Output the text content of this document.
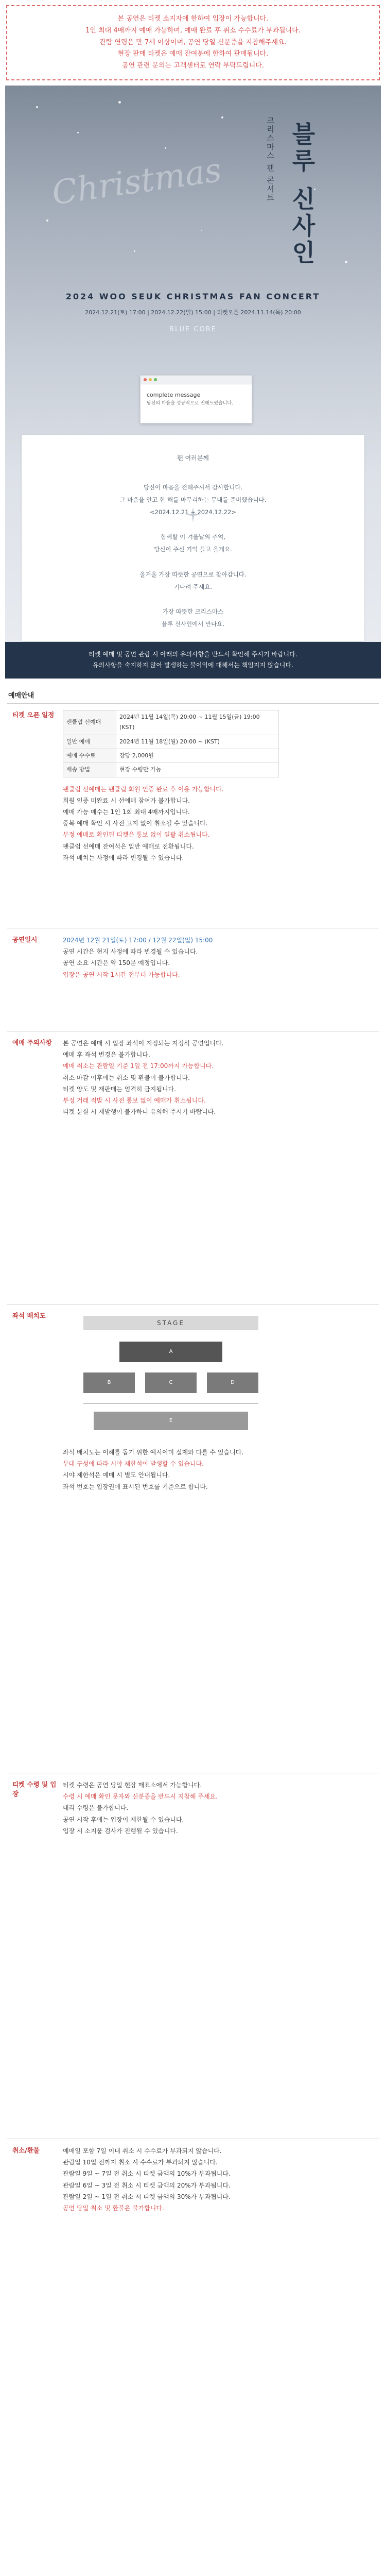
본 공연은 티켓 소지자에 한하여 입장이 가능합니다.
1인 최대 4매까지 예매 가능하며, 예매 완료 후 취소 수수료가 부과됩니다.
관람 연령은 만 7세 이상이며, 공연 당일 신분증을 지참해주세요.
현장 판매 티켓은 예매 잔여분에 한하여 판매됩니다.
공연 관련 문의는 고객센터로 연락 부탁드립니다.
Christmas	크리스마스 팬 콘서트 블루 신사인
2024 WOO SEUK CHRISTMAS FAN CONCERT
2024.12.21(토) 17:00 | 2024.12.22(일) 15:00 | 티켓오픈 2024.11.14(목) 20:00
BLUE CORE
complete message
당신의 마음을 성공적으로 전해드렸습니다.
팬 여러분께
당신이 마음을 전해주셔서 감사합니다.
그 마음을 안고 한 해를 마무리하는 무대를 준비했습니다.
<2024.12.21 ~ 2024.12.22>

함께할 이 겨울날의 추억,
당신이 주신 기억 들고 올게요.

올겨울 가장 따뜻한 공연으로 찾아갑니다.
기다려 주세요.

가장 따뜻한 크리스마스
블루 신사인에서 만나요.
티켓 예매 및 공연 관람 시 아래의 유의사항을 반드시 확인해 주시기 바랍니다.
유의사항을 숙지하지 않아 발생하는 불이익에 대해서는 책임지지 않습니다.
예매안내
티켓 오픈 일정
팬클럽 선예매	2024년 11월 14일(목) 20:00 ~ 11월 15일(금) 19:00 (KST)
일반 예매	2024년 11월 18일(월) 20:00 ~ (KST)
예매 수수료	장당 2,000원
배송 방법	현장 수령만 가능
팬클럽 선예매는 팬클럽 회원 인증 완료 후 이용 가능합니다.
회원 인증 미완료 시 선예매 참여가 불가합니다.
예매 가능 매수는 1인 1회 최대 4매까지입니다.
중복 예매 확인 시 사전 고지 없이 취소될 수 있습니다.
부정 예매로 확인된 티켓은 통보 없이 일괄 취소됩니다.
팬클럽 선예매 잔여석은 일반 예매로 전환됩니다.
좌석 배치는 사정에 따라 변경될 수 있습니다.
공연일시	2024년 12월 21일(토) 17:00 / 12월 22일(일) 15:00
공연 시간은 현지 사정에 따라 변경될 수 있습니다.
공연 소요 시간은 약 150분 예정입니다.
입장은 공연 시작 1시간 전부터 가능합니다.
예매 주의사항	본 공연은 예매 시 입장 좌석이 지정되는 지정석 공연입니다.
예매 후 좌석 변경은 불가합니다.
예매 취소는 관람일 기준 1일 전 17:00까지 가능합니다.
취소 마감 이후에는 취소 및 환불이 불가합니다.
티켓 양도 및 재판매는 엄격히 금지됩니다.
부정 거래 적발 시 사전 통보 없이 예매가 취소됩니다.
티켓 분실 시 재발행이 불가하니 유의해 주시기 바랍니다.
좌석 배치도
STAGE
A
B	C	D
E
좌석 배치도는 이해를 돕기 위한 예시이며 실제와 다를 수 있습니다.
무대 구성에 따라 시야 제한석이 발생할 수 있습니다.
시야 제한석은 예매 시 별도 안내됩니다.
좌석 번호는 입장권에 표시된 번호를 기준으로 합니다.
티켓 수령 및 입장
티켓 수령은 공연 당일 현장 매표소에서 가능합니다.
수령 시 예매 확인 문자와 신분증을 반드시 지참해 주세요.
대리 수령은 불가합니다.
공연 시작 후에는 입장이 제한될 수 있습니다.
입장 시 소지품 검사가 진행될 수 있습니다.
취소/환불	예매일 포함 7일 이내 취소 시 수수료가 부과되지 않습니다.
관람일 10일 전까지 취소 시 수수료가 부과되지 않습니다.
관람일 9일 ~ 7일 전 취소 시 티켓 금액의 10%가 부과됩니다.
관람일 6일 ~ 3일 전 취소 시 티켓 금액의 20%가 부과됩니다.
관람일 2일 ~ 1일 전 취소 시 티켓 금액의 30%가 부과됩니다.
공연 당일 취소 및 환불은 불가합니다.
